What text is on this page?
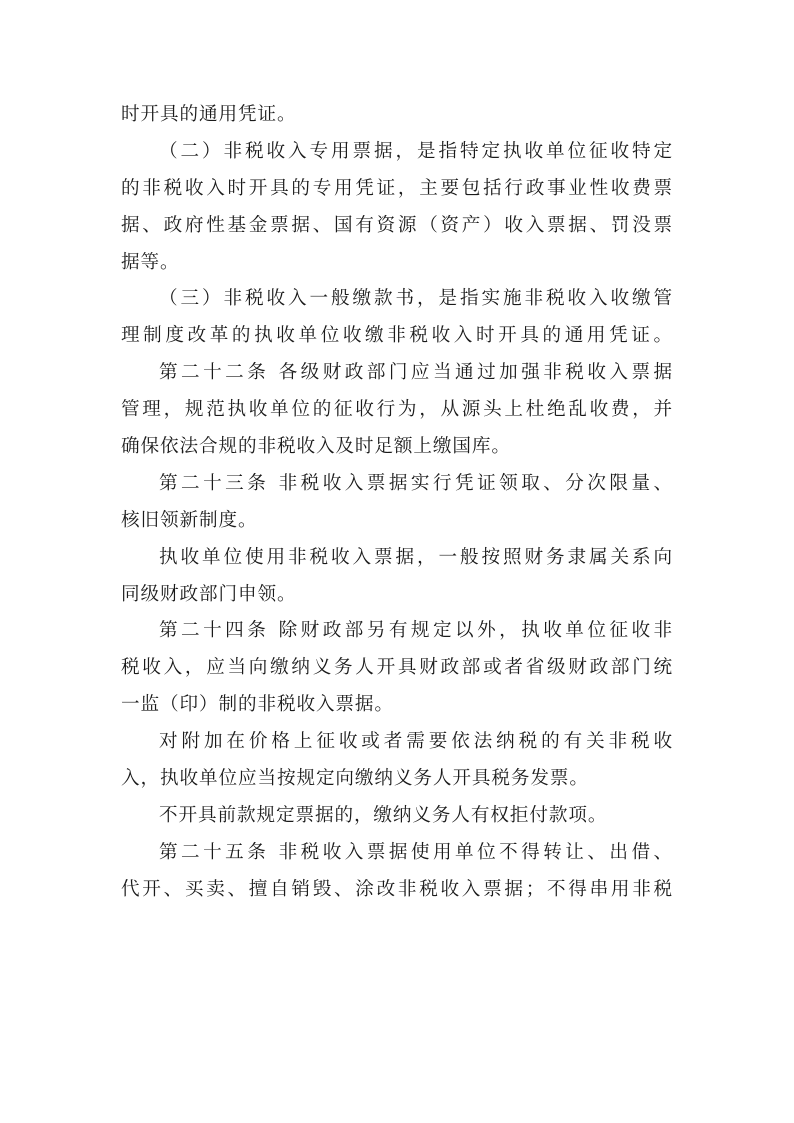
时开具的通用凭证。
（二）非税收入专用票据，是指特定执收单位征收特定
的非税收入时开具的专用凭证，主要包括行政事业性收费票
据、政府性基金票据、国有资源（资产）收入票据、罚没票
据等。
（三）非税收入一般缴款书，是指实施非税收入收缴管
理制度改革的执收单位收缴非税收入时开具的通用凭证。
第二十二条 各级财政部门应当通过加强非税收入票据
管理，规范执收单位的征收行为，从源头上杜绝乱收费，并
确保依法合规的非税收入及时足额上缴国库。
第二十三条 非税收入票据实行凭证领取、分次限量、
核旧领新制度。
执收单位使用非税收入票据，一般按照财务隶属关系向
同级财政部门申领。
第二十四条 除财政部另有规定以外，执收单位征收非
税收入，应当向缴纳义务人开具财政部或者省级财政部门统
一监（印）制的非税收入票据。
对附加在价格上征收或者需要依法纳税的有关非税收
入，执收单位应当按规定向缴纳义务人开具税务发票。
不开具前款规定票据的，缴纳义务人有权拒付款项。
第二十五条 非税收入票据使用单位不得转让、出借、
代开、买卖、擅自销毁、涂改非税收入票据；不得串用非税
